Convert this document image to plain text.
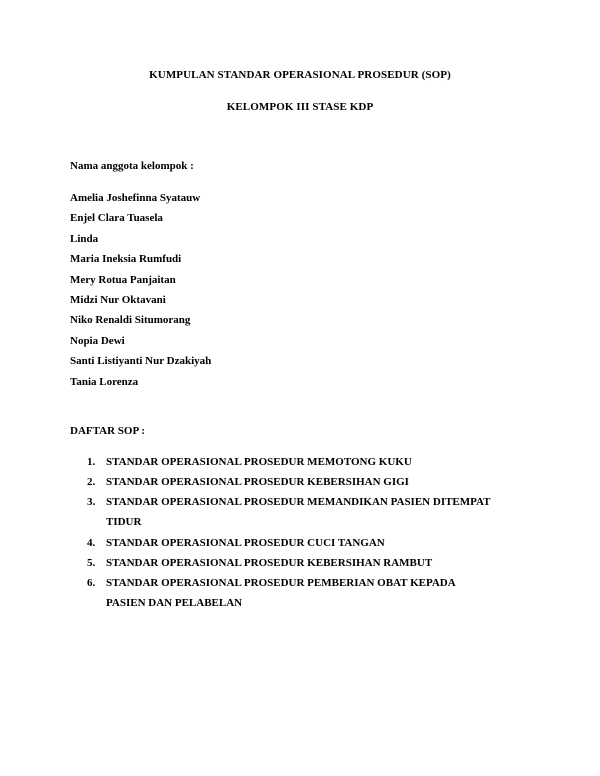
KUMPULAN STANDAR OPERASIONAL PROSEDUR (SOP)
KELOMPOK III STASE KDP
Nama anggota kelompok :
Amelia Joshefinna Syatauw
Enjel Clara Tuasela
Linda
Maria Ineksia Rumfudi
Mery Rotua Panjaitan
Midzi Nur Oktavani
Niko Renaldi Situmorang
Nopia Dewi
Santi Listiyanti Nur Dzakiyah
Tania Lorenza
DAFTAR SOP :
1. STANDAR OPERASIONAL PROSEDUR MEMOTONG KUKU
2. STANDAR OPERASIONAL PROSEDUR KEBERSIHAN GIGI
3. STANDAR OPERASIONAL PROSEDUR MEMANDIKAN PASIEN DITEMPAT
TIDUR
4. STANDAR OPERASIONAL PROSEDUR CUCI TANGAN
5. STANDAR OPERASIONAL PROSEDUR KEBERSIHAN RAMBUT
6. STANDAR OPERASIONAL PROSEDUR PEMBERIAN OBAT KEPADA
PASIEN DAN PELABELAN
